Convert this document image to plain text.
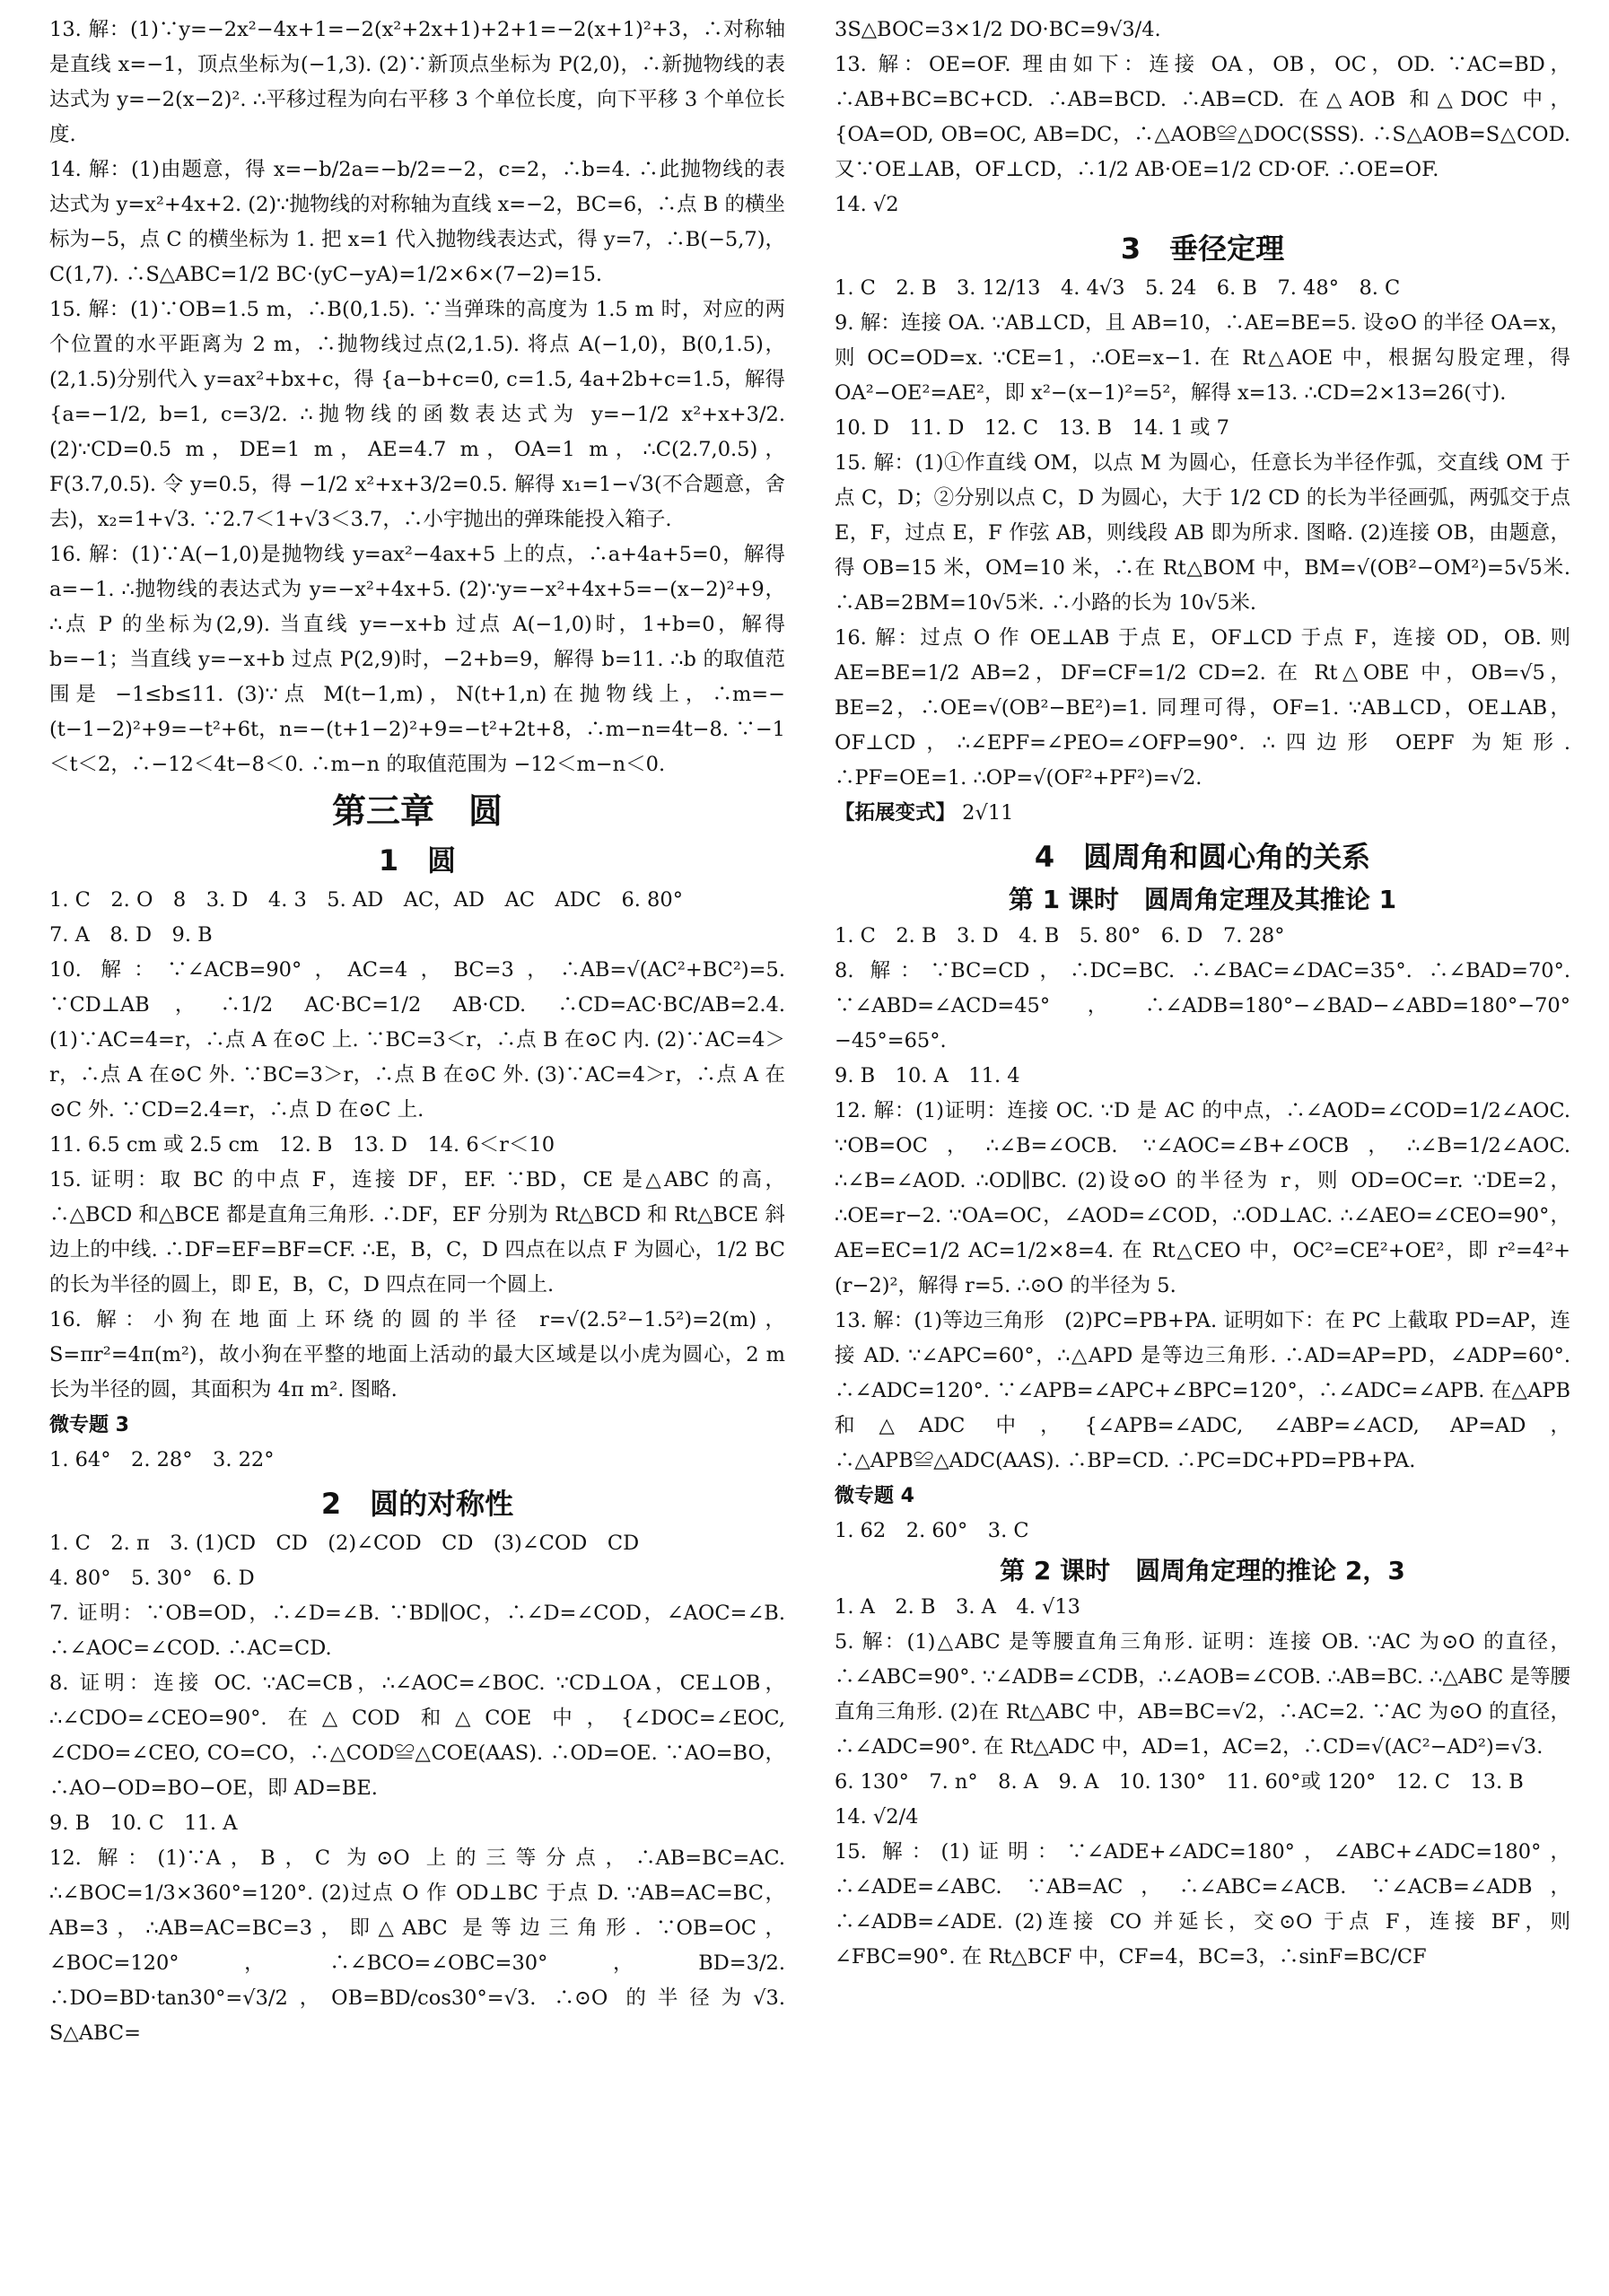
13. 解：(1)∵y=−2x²−4x+1=−2(x²+2x+1)+2+1=−2(x+1)²+3，∴对称轴是直线 x=−1，顶点坐标为(−1,3). (2)∵新顶点坐标为 P(2,0)，∴新抛物线的表达式为 y=−2(x−2)². ∴平移过程为向右平移 3 个单位长度，向下平移 3 个单位长度.
14. 解：(1)由题意，得 x=−b/2a=−b/2=−2，c=2，∴b=4. ∴此抛物线的表达式为 y=x²+4x+2. (2)∵抛物线的对称轴为直线 x=−2，BC=6，∴点 B 的横坐标为−5，点 C 的横坐标为 1. 把 x=1 代入抛物线表达式，得 y=7，∴B(−5,7)，C(1,7). ∴S△ABC=1/2 BC·(yC−yA)=1/2×6×(7−2)=15.
15. 解：(1)∵OB=1.5 m，∴B(0,1.5). ∵当弹珠的高度为 1.5 m 时，对应的两个位置的水平距离为 2 m，∴抛物线过点(2,1.5). 将点 A(−1,0)，B(0,1.5)，(2,1.5)分别代入 y=ax²+bx+c，得 {a−b+c=0, c=1.5, 4a+2b+c=1.5，解得 {a=−1/2, b=1, c=3/2. ∴抛物线的函数表达式为 y=−1/2 x²+x+3/2. (2)∵CD=0.5 m，DE=1 m，AE=4.7 m，OA=1 m，∴C(2.7,0.5)，F(3.7,0.5). 令 y=0.5，得 −1/2 x²+x+3/2=0.5. 解得 x₁=1−√3(不合题意，舍去)，x₂=1+√3. ∵2.7＜1+√3＜3.7，∴小宇抛出的弹珠能投入箱子.
16. 解：(1)∵A(−1,0)是抛物线 y=ax²−4ax+5 上的点，∴a+4a+5=0，解得 a=−1. ∴抛物线的表达式为 y=−x²+4x+5. (2)∵y=−x²+4x+5=−(x−2)²+9，∴点 P 的坐标为(2,9). 当直线 y=−x+b 过点 A(−1,0)时，1+b=0，解得 b=−1；当直线 y=−x+b 过点 P(2,9)时，−2+b=9，解得 b=11. ∴b 的取值范围是 −1≤b≤11. (3)∵点 M(t−1,m)，N(t+1,n)在抛物线上，∴m=−(t−1−2)²+9=−t²+6t，n=−(t+1−2)²+9=−t²+2t+8，∴m−n=4t−8. ∵−1＜t＜2，∴−12＜4t−8＜0. ∴m−n 的取值范围为 −12＜m−n＜0.
第三章　圆
1　圆
1. C　2. O　8　3. D　4. 3　5. AD　AC，AD　AC　ADC　6. 80°
7. A　8. D　9. B
10. 解：∵∠ACB=90°，AC=4，BC=3，∴AB=√(AC²+BC²)=5. ∵CD⊥AB，∴1/2 AC·BC=1/2 AB·CD. ∴CD=AC·BC/AB=2.4. (1)∵AC=4=r，∴点 A 在⊙C 上. ∵BC=3＜r，∴点 B 在⊙C 内. (2)∵AC=4＞r，∴点 A 在⊙C 外. ∵BC=3＞r，∴点 B 在⊙C 外. (3)∵AC=4＞r，∴点 A 在⊙C 外. ∵CD=2.4=r，∴点 D 在⊙C 上.
11. 6.5 cm 或 2.5 cm　12. B　13. D　14. 6＜r＜10
15. 证明：取 BC 的中点 F，连接 DF，EF. ∵BD，CE 是△ABC 的高，∴△BCD 和△BCE 都是直角三角形. ∴DF，EF 分别为 Rt△BCD 和 Rt△BCE 斜边上的中线. ∴DF=EF=BF=CF. ∴E，B，C，D 四点在以点 F 为圆心，1/2 BC 的长为半径的圆上，即 E，B，C，D 四点在同一个圆上.
16. 解：小狗在地面上环绕的圆的半径 r=√(2.5²−1.5²)=2(m)，S=πr²=4π(m²)，故小狗在平整的地面上活动的最大区域是以小虎为圆心，2 m 长为半径的圆，其面积为 4π m². 图略.
微专题 3
1. 64°　2. 28°　3. 22°
2　圆的对称性
1. C　2. π　3. (1)CD　CD　(2)∠COD　CD　(3)∠COD　CD
4. 80°　5. 30°　6. D
7. 证明：∵OB=OD，∴∠D=∠B. ∵BD∥OC，∴∠D=∠COD，∠AOC=∠B. ∴∠AOC=∠COD. ∴AC=CD.
8. 证明：连接 OC. ∵AC=CB，∴∠AOC=∠BOC. ∵CD⊥OA，CE⊥OB，∴∠CDO=∠CEO=90°. 在△COD 和△COE 中，{∠DOC=∠EOC, ∠CDO=∠CEO, CO=CO，∴△COD≌△COE(AAS). ∴OD=OE. ∵AO=BO，∴AO−OD=BO−OE，即 AD=BE.
9. B　10. C　11. A
12. 解：(1)∵A，B，C 为⊙O 上的三等分点，∴AB=BC=AC. ∴∠BOC=1/3×360°=120°. (2)过点 O 作 OD⊥BC 于点 D. ∵AB=AC=BC，AB=3，∴AB=AC=BC=3，即△ABC 是等边三角形. ∵OB=OC，∠BOC=120°，∴∠BCO=∠OBC=30°，BD=3/2. ∴DO=BD·tan30°=√3/2，OB=BD/cos30°=√3. ∴⊙O 的半径为√3. S△ABC=
3S△BOC=3×1/2 DO·BC=9√3/4.
13. 解：OE=OF. 理由如下：连接 OA，OB，OC，OD. ∵AC=BD，∴AB+BC=BC+CD. ∴AB=BCD. ∴AB=CD. 在△AOB 和△DOC 中，{OA=OD, OB=OC, AB=DC，∴△AOB≌△DOC(SSS). ∴S△AOB=S△COD. 又∵OE⊥AB，OF⊥CD，∴1/2 AB·OE=1/2 CD·OF. ∴OE=OF.
14. √2
3　垂径定理
1. C　2. B　3. 12/13　4. 4√3　5. 24　6. B　7. 48°　8. C
9. 解：连接 OA. ∵AB⊥CD，且 AB=10，∴AE=BE=5. 设⊙O 的半径 OA=x，则 OC=OD=x. ∵CE=1，∴OE=x−1. 在 Rt△AOE 中，根据勾股定理，得 OA²−OE²=AE²，即 x²−(x−1)²=5²，解得 x=13. ∴CD=2×13=26(寸).
10. D　11. D　12. C　13. B　14. 1 或 7
15. 解：(1)①作直线 OM，以点 M 为圆心，任意长为半径作弧，交直线 OM 于点 C，D；②分别以点 C，D 为圆心，大于 1/2 CD 的长为半径画弧，两弧交于点 E，F，过点 E，F 作弦 AB，则线段 AB 即为所求. 图略. (2)连接 OB，由题意，得 OB=15 米，OM=10 米，∴在 Rt△BOM 中，BM=√(OB²−OM²)=5√5米. ∴AB=2BM=10√5米. ∴小路的长为 10√5米.
16. 解：过点 O 作 OE⊥AB 于点 E，OF⊥CD 于点 F，连接 OD，OB. 则 AE=BE=1/2 AB=2，DF=CF=1/2 CD=2. 在 Rt△OBE 中，OB=√5，BE=2，∴OE=√(OB²−BE²)=1. 同理可得，OF=1. ∵AB⊥CD，OE⊥AB，OF⊥CD，∴∠EPF=∠PEO=∠OFP=90°. ∴四边形 OEPF 为矩形. ∴PF=OE=1. ∴OP=√(OF²+PF²)=√2.
【拓展变式】 2√11
4　圆周角和圆心角的关系
第 1 课时　圆周角定理及其推论 1
1. C　2. B　3. D　4. B　5. 80°　6. D　7. 28°
8. 解：∵BC=CD，∴DC=BC. ∴∠BAC=∠DAC=35°. ∴∠BAD=70°. ∵∠ABD=∠ACD=45°，∴∠ADB=180°−∠BAD−∠ABD=180°−70°−45°=65°.
9. B　10. A　11. 4
12. 解：(1)证明：连接 OC. ∵D 是 AC 的中点，∴∠AOD=∠COD=1/2∠AOC. ∵OB=OC，∴∠B=∠OCB. ∵∠AOC=∠B+∠OCB，∴∠B=1/2∠AOC. ∴∠B=∠AOD. ∴OD∥BC. (2)设⊙O 的半径为 r，则 OD=OC=r. ∵DE=2，∴OE=r−2. ∵OA=OC，∠AOD=∠COD，∴OD⊥AC. ∴∠AEO=∠CEO=90°，AE=EC=1/2 AC=1/2×8=4. 在 Rt△CEO 中，OC²=CE²+OE²，即 r²=4²+(r−2)²，解得 r=5. ∴⊙O 的半径为 5.
13. 解：(1)等边三角形　(2)PC=PB+PA. 证明如下：在 PC 上截取 PD=AP，连接 AD. ∵∠APC=60°，∴△APD 是等边三角形. ∴AD=AP=PD，∠ADP=60°. ∴∠ADC=120°. ∵∠APB=∠APC+∠BPC=120°，∴∠ADC=∠APB. 在△APB 和△ADC 中，{∠APB=∠ADC, ∠ABP=∠ACD, AP=AD，∴△APB≌△ADC(AAS). ∴BP=CD. ∴PC=DC+PD=PB+PA.
微专题 4
1. 62　2. 60°　3. C
第 2 课时　圆周角定理的推论 2，3
1. A　2. B　3. A　4. √13
5. 解：(1)△ABC 是等腰直角三角形. 证明：连接 OB. ∵AC 为⊙O 的直径，∴∠ABC=90°. ∵∠ADB=∠CDB，∴∠AOB=∠COB. ∴AB=BC. ∴△ABC 是等腰直角三角形. (2)在 Rt△ABC 中，AB=BC=√2，∴AC=2. ∵AC 为⊙O 的直径，∴∠ADC=90°. 在 Rt△ADC 中，AD=1，AC=2，∴CD=√(AC²−AD²)=√3.
6. 130°　7. n°　8. A　9. A　10. 130°　11. 60°或 120°　12. C　13. B
14. √2/4
15. 解：(1)证明：∵∠ADE+∠ADC=180°，∠ABC+∠ADC=180°，∴∠ADE=∠ABC. ∵AB=AC，∴∠ABC=∠ACB. ∵∠ACB=∠ADB，∴∠ADB=∠ADE. (2)连接 CO 并延长，交⊙O 于点 F，连接 BF，则∠FBC=90°. 在 Rt△BCF 中，CF=4，BC=3，∴sinF=BC/CF
